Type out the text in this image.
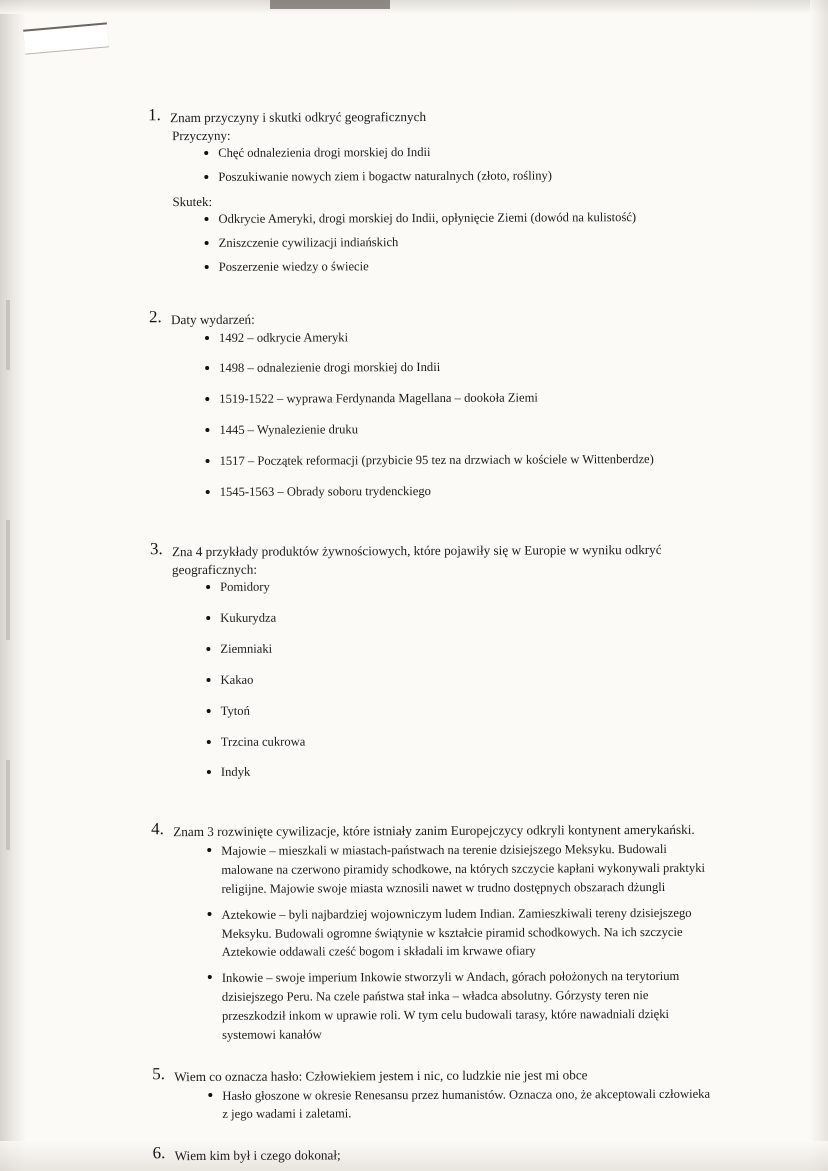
1. Znam przyczyny i skutki odkryć geograficznych
Przyczyny:
Chęć odnalezienia drogi morskiej do Indii
Poszukiwanie nowych ziem i bogactw naturalnych (złoto, rośliny)
Skutek:
Odkrycie Ameryki, drogi morskiej do Indii, opłynięcie Ziemi (dowód na kulistość)
Zniszczenie cywilizacji indiańskich
Poszerzenie wiedzy o świecie
2. Daty wydarzeń:
1492 – odkrycie Ameryki
1498 – odnalezienie drogi morskiej do Indii
1519-1522 – wyprawa Ferdynanda Magellana – dookoła Ziemi
1445 – Wynalezienie druku
1517 – Początek reformacji (przybicie 95 tez na drzwiach w kościele w Wittenberdze)
1545-1563 – Obrady soboru trydenckiego
3. Zna 4 przykłady produktów żywnościowych, które pojawiły się w Europie w wyniku odkryć geograficznych:
Pomidory
Kukurydza
Ziemniaki
Kakao
Tytoń
Trzcina cukrowa
Indyk
4. Znam 3 rozwinięte cywilizacje, które istniały zanim Europejczycy odkryli kontynent amerykański.
Majowie – mieszkali w miastach-państwach na terenie dzisiejszego Meksyku. Budowali malowane na czerwono piramidy schodkowe, na których szczycie kapłani wykonywali praktyki religijne. Majowie swoje miasta wznosili nawet w trudno dostępnych obszarach dżungli
Aztekowie – byli najbardziej wojowniczym ludem Indian. Zamieszkiwali tereny dzisiejszego Meksyku. Budowali ogromne świątynie w kształcie piramid schodkowych. Na ich szczycie Aztekowie oddawali cześć bogom i składali im krwawe ofiary
Inkowie – swoje imperium Inkowie stworzyli w Andach, górach położonych na terytorium dzisiejszego Peru. Na czele państwa stał inka – władca absolutny. Górzysty teren nie przeszkodził inkom w uprawie roli. W tym celu budowali tarasy, które nawadniali dzięki systemowi kanałów
5. Wiem co oznacza hasło: Człowiekiem jestem i nic, co ludzkie nie jest mi obce
Hasło głoszone w okresie Renesansu przez humanistów. Oznacza ono, że akceptowali człowieka z jego wadami i zaletami.
6. Wiem kim był i czego dokonał;
